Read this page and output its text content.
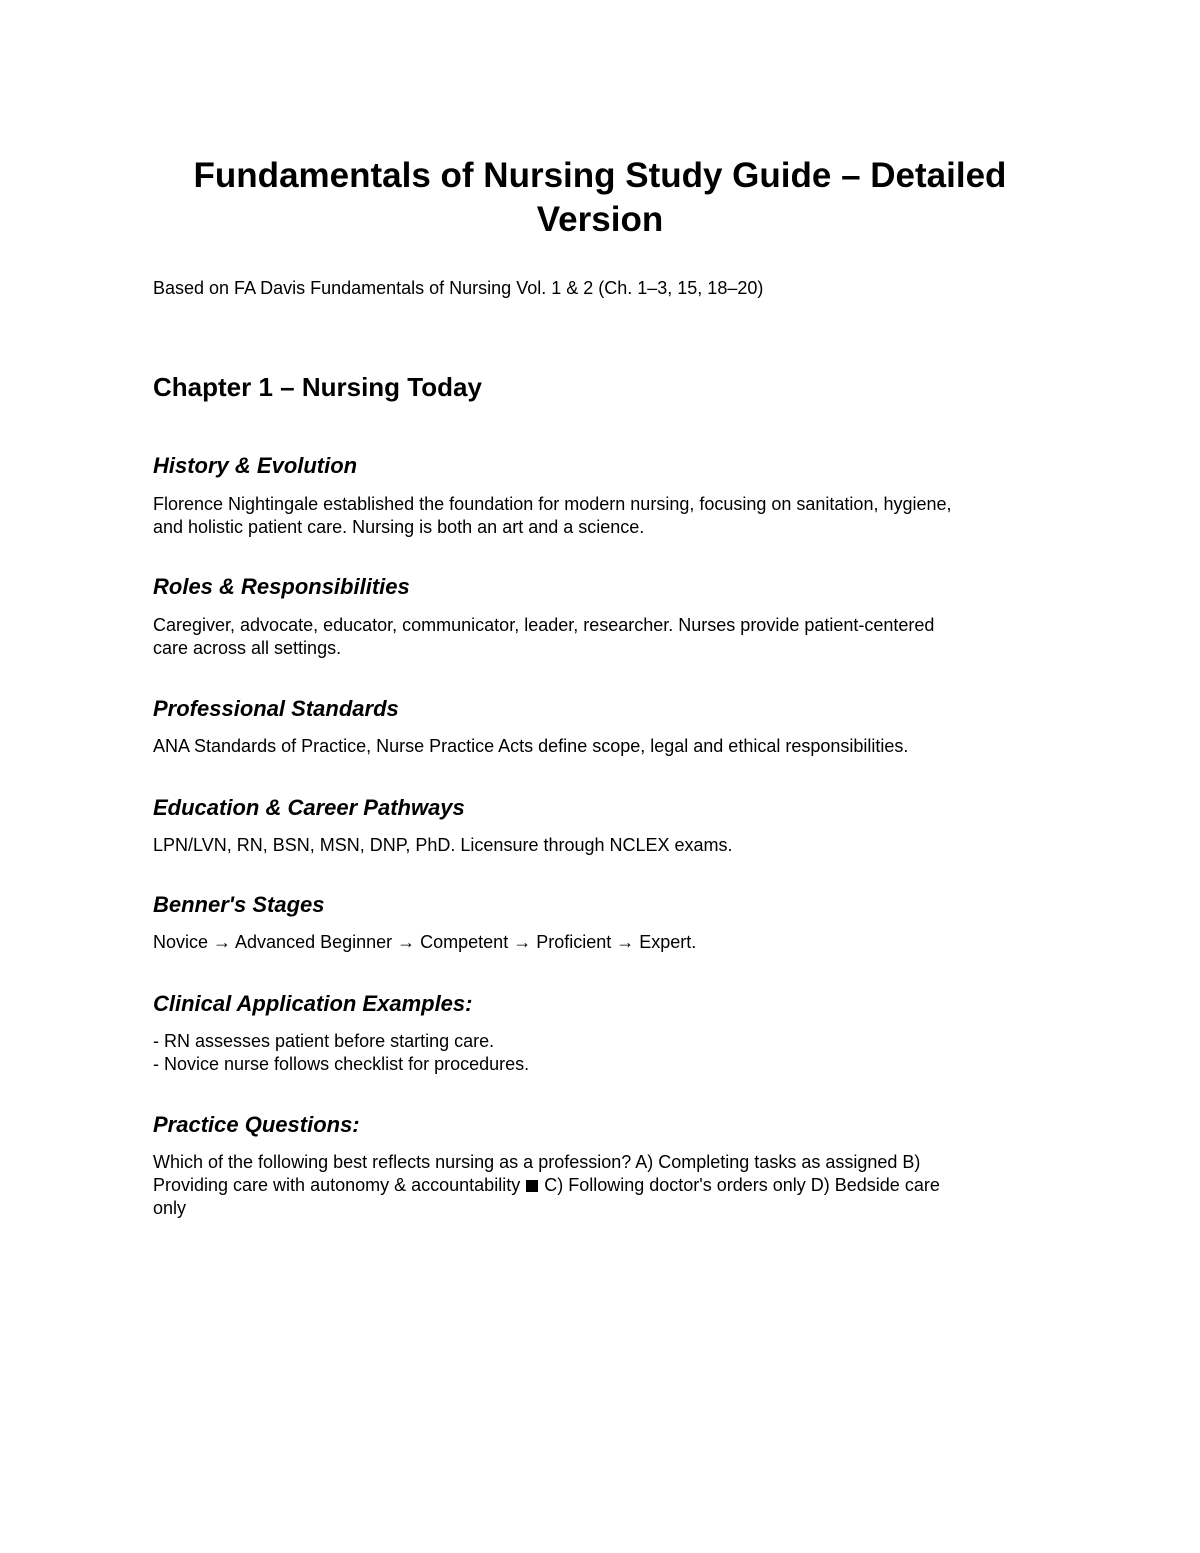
Fundamentals of Nursing Study Guide – Detailed
Version

Based on FA Davis Fundamentals of Nursing Vol. 1 & 2 (Ch. 1–3, 15, 18–20)

Chapter 1 – Nursing Today
History & Evolution

Florence Nightingale established the foundation for modern nursing, focusing on sanitation, hygiene,
and holistic patient care. Nursing is both an art and a science.

Roles & Responsibilities

Caregiver, advocate, educator, communicator, leader, researcher. Nurses provide patient-centered
care across all settings.

Professional Standards

ANA Standards of Practice, Nurse Practice Acts define scope, legal and ethical responsibilities.

Education & Career Pathways

LPN/LVN, RN, BSN, MSN, DNP, PhD. Licensure through NCLEX exams.

Benner's Stages

Novice → Advanced Beginner → Competent → Proficient → Expert.

Clinical Application Examples:

- RN assesses patient before starting care.
- Novice nurse follows checklist for procedures.

Practice Questions:

Which of the following best reflects nursing as a profession? A) Completing tasks as assigned B)
Providing care with autonomy & accountability C) Following doctor's orders only D) Bedside care
only
